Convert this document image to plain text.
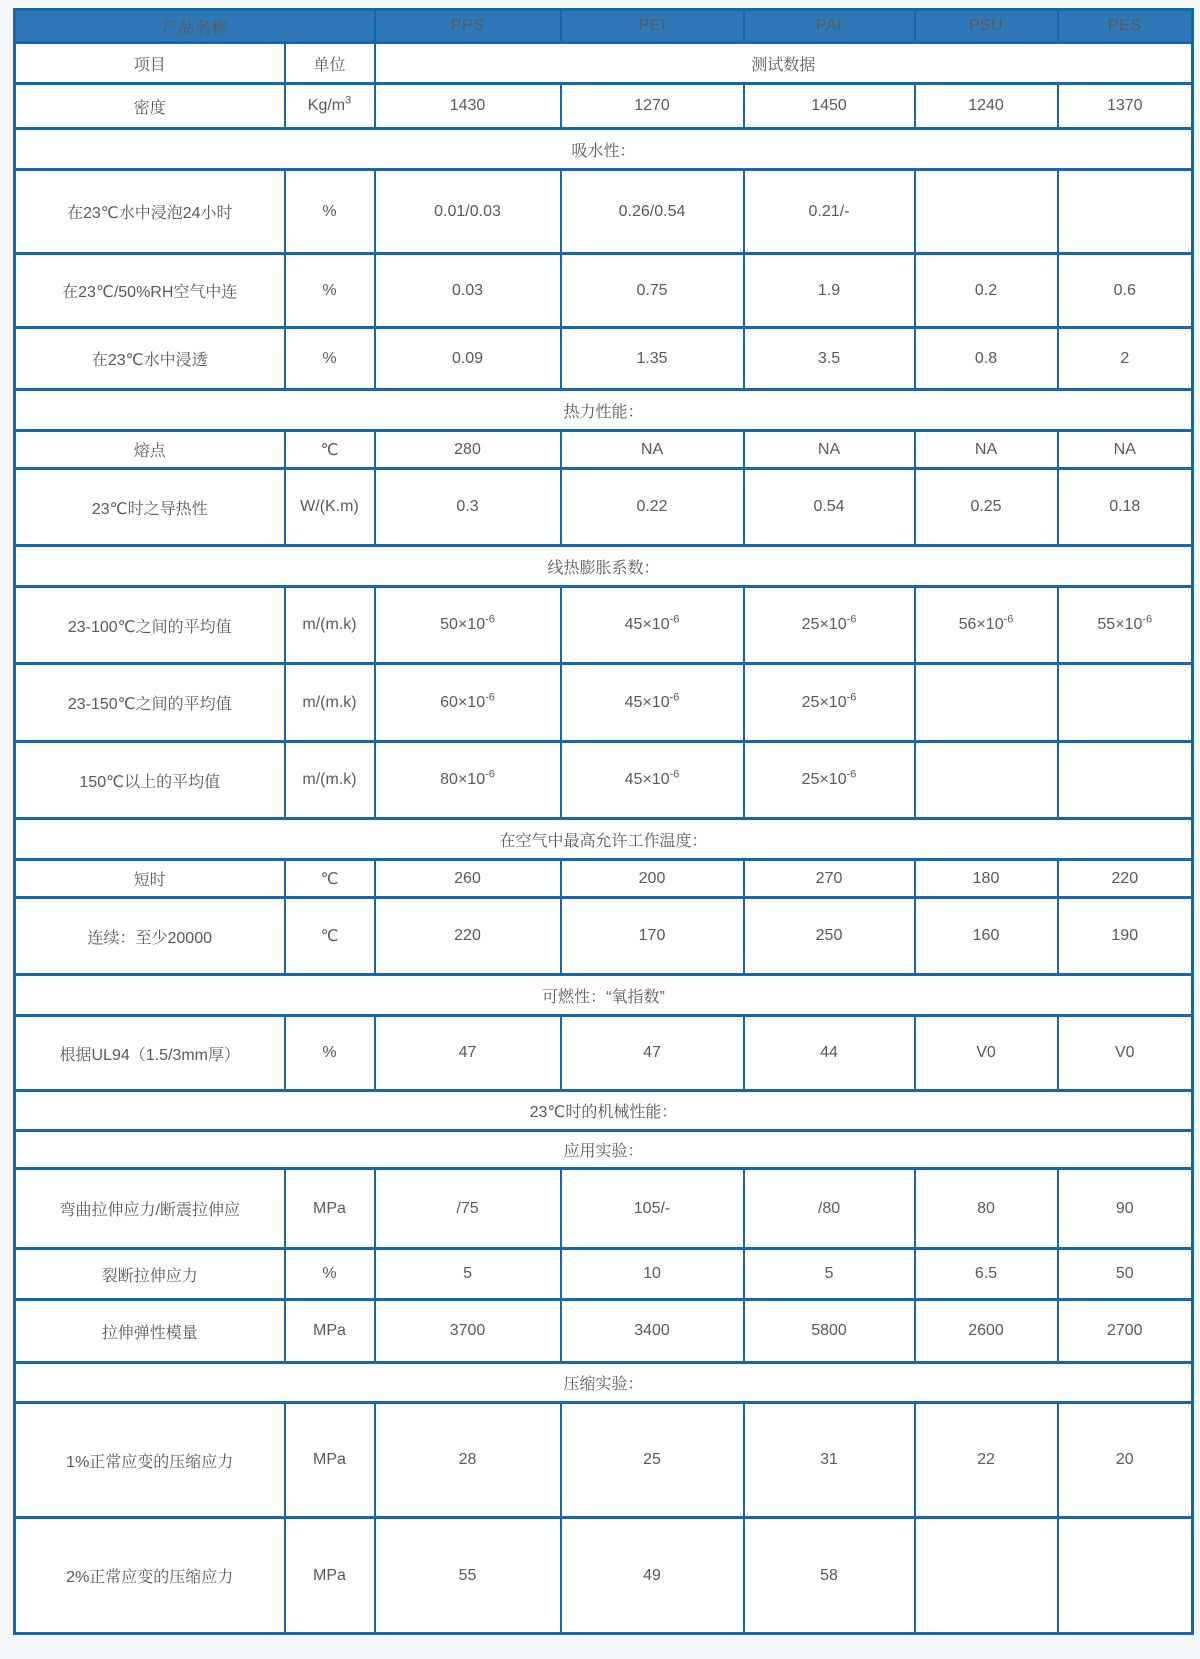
产品名称		PPS	PEI	PAI	PSU	PES
项目	单位	测试数据				
密度	$Kg/m^3$	1430	1270	1450	1240	1370
吸水性：						
在23℃水中浸泡24小时	%	0.01/0.03	0.26/0.54	0.21/-		
在23℃/50%RH空气中连	%	0.03	0.75	1.9	0.2	0.6
在23℃水中浸透	%	0.09	1.35	3.5	0.8	2
热力性能：						
熔点	℃	280	NA	NA	NA	NA
23℃时之导热性	W/(K.m)	0.3	0.22	0.54	0.25	0.18
线热膨胀系数：						
23-100℃之间的平均值	m/(m.k)	$50\times 10^{-6}$	$45\times 10^{-6}$	$25\times 10^{-6}$	$56\times 10^{-6}$	$55\times 10^{-6}$
23-150℃之间的平均值	m/(m.k)	$60\times 10^{-6}$	$45\times 10^{-6}$	$25\times 10^{-6}$		
150℃以上的平均值	m/(m.k)	$80\times 10^{-6}$	$45\times 10^{-6}$	$25\times 10^{-6}$		
在空气中最高允许工作温度：						
短时	℃	260	200	270	180	220
连续：至少20000	℃	220	170	250	160	190
可燃性：“氧指数”						
根据UL94（1.5/3mm厚）	%	47	47	44	V0	V0
23℃时的机械性能：						
应用实验：						
弯曲拉伸应力/断震拉伸应	MPa	/75	105/-	/80	80	90
裂断拉伸应力	%	5	10	5	6.5	50
拉伸弹性模量	MPa	3700	3400	5800	2600	2700
压缩实验：						
1%正常应变的压缩应力	MPa	28	25	31	22	20
2%正常应变的压缩应力	MPa	55	49	58		
